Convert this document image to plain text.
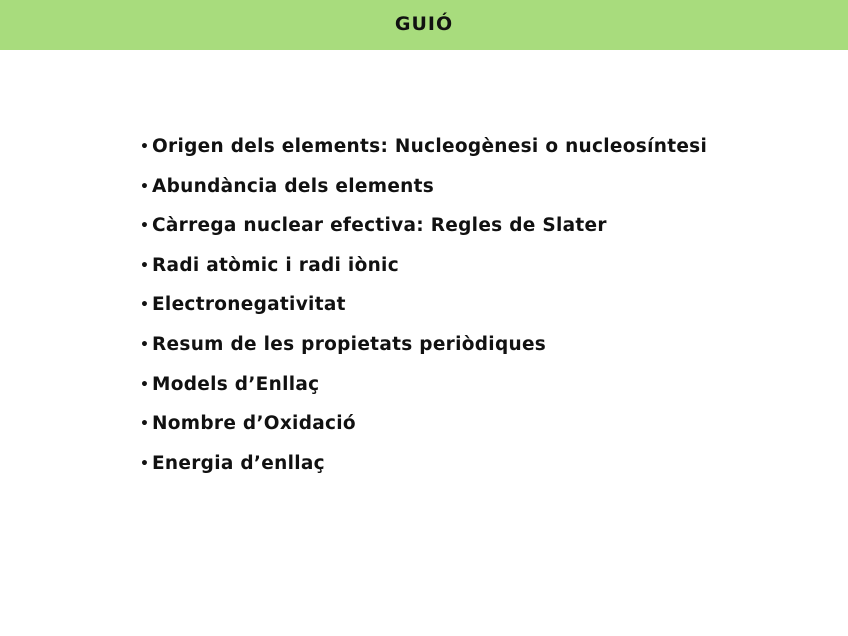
GUIÓ
• Origen dels elements: Nucleogènesi o nucleosíntesi
• Abundància dels elements
• Càrrega nuclear efectiva: Regles de Slater
• Radi atòmic i radi iònic
• Electronegativitat
• Resum de les propietats periòdiques
• Models d’Enllaç
• Nombre d’Oxidació
• Energia d’enllaç
